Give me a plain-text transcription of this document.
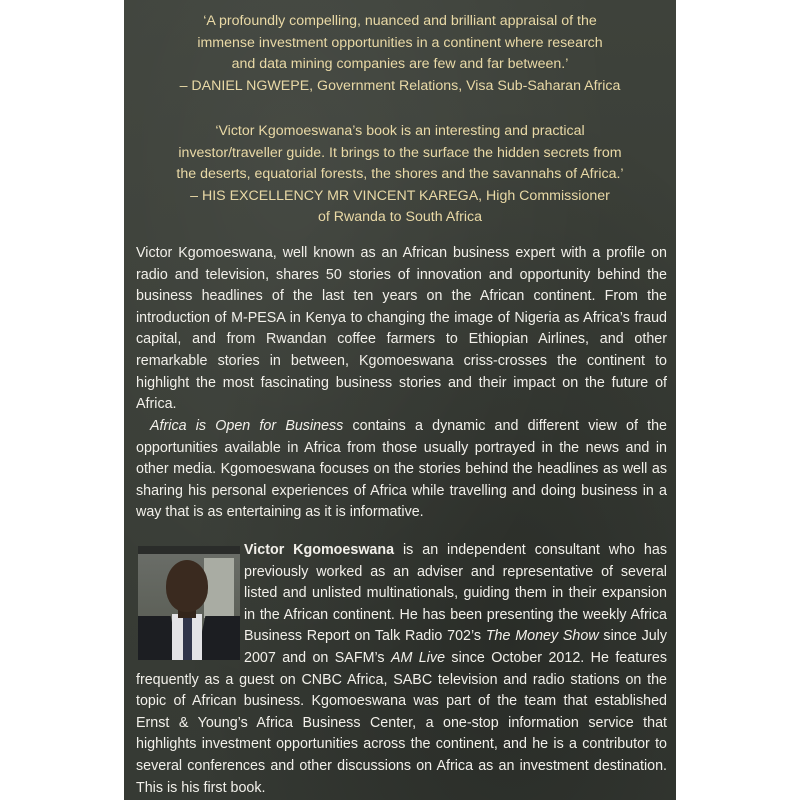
‘A profoundly compelling, nuanced and brilliant appraisal of the
immense investment opportunities in a continent where research
and data mining companies are few and far between.’
– DANIEL NGWEPE, Government Relations, Visa Sub-Saharan Africa
‘Victor Kgomoeswana’s book is an interesting and practical
investor/traveller guide. It brings to the surface the hidden secrets from
the deserts, equatorial forests, the shores and the savannahs of Africa.’
– HIS EXCELLENCY MR VINCENT KAREGA, High Commissioner
of Rwanda to South Africa
Victor Kgomoeswana, well known as an African business expert with a profile on radio and television, shares 50 stories of innovation and opportunity behind the business headlines of the last ten years on the African continent. From the introduction of M-PESA in Kenya to changing the image of Nigeria as Africa’s fraud capital, and from Rwandan coffee farmers to Ethiopian Airlines, and other remarkable stories in between, Kgomoeswana criss-crosses the continent to highlight the most fascinating business stories and their impact on the future of Africa.
Africa is Open for Business contains a dynamic and different view of the opportunities available in Africa from those usually portrayed in the news and in other media. Kgomoeswana focuses on the stories behind the headlines as well as sharing his personal experiences of Africa while travelling and doing business in a way that is as entertaining as it is informative.
Victor Kgomoeswana is an independent consultant who has previously worked as an adviser and representative of several listed and unlisted multinationals, guiding them in their expansion in the African continent. He has been presenting the weekly Africa Business Report on Talk Radio 702’s The Money Show since July 2007 and on SAFM’s AM Live since October 2012. He features frequently as a guest on CNBC Africa, SABC television and radio stations on the topic of African business. Kgomoeswana was part of the team that established Ernst & Young’s Africa Business Center, a one-stop information service that highlights investment opportunities across the continent, and he is a contributor to several conferences and other discussions on Africa as an investment destination. This is his first book.
